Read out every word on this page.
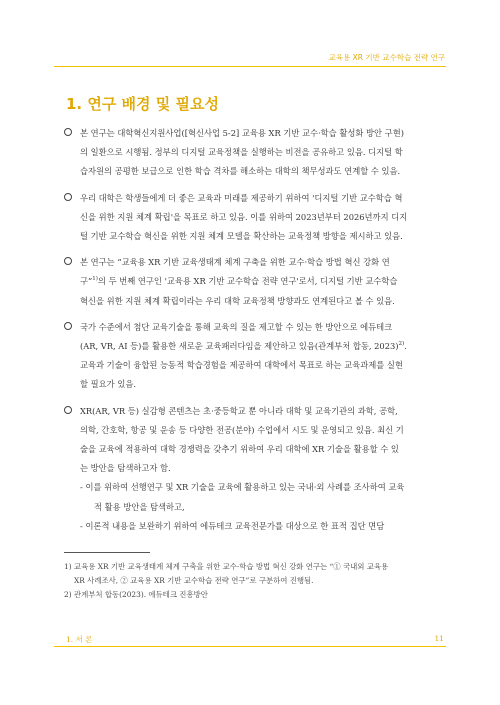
교육용 XR 기반 교수학습 전략 연구
1. 연구 배경 및 필요성
본 연구는 대학혁신지원사업([혁신사업 5-2] 교육용 XR 기반 교수·학습 활성화 방안 구현)
의 일환으로 시행됨. 정부의 디지털 교육정책을 실행하는 비전을 공유하고 있음. 디지털 학
습자원의 공평한 보급으로 인한 학습 격차를 해소하는 대학의 책무성과도 연계할 수 있음.
우리 대학은 학생들에게 더 좋은 교육과 미래를 제공하기 위하여 '디지털 기반 교수학습 혁
신을 위한 지원 체계 확립'을 목표로 하고 있음. 이를 위하여 2023년부터 2026년까지 디지
털 기반 교수학습 혁신을 위한 지원 체계 모델을 확산하는 교육정책 방향을 제시하고 있음.
본 연구는 “교육용 XR 기반 교육생태계 체계 구축을 위한 교수·학습 방법 혁신 강화 연
구”$^{1)}$의 두 번째 연구인 '교육용 XR 기반 교수학습 전략 연구'로서, 디지털 기반 교수학습
혁신을 위한 지원 체계 확립이라는 우리 대학 교육정책 방향과도 연계된다고 볼 수 있음.
국가 수준에서 첨단 교육기술을 통해 교육의 질을 제고할 수 있는 한 방안으로 에듀테크
(AR, VR, AI 등)를 활용한 새로운 교육패러다임을 제안하고 있음(관계부처 합동, 2023)$^{2)}$.
교육과 기술이 융합된 능동적 학습경험을 제공하여 대학에서 목표로 하는 교육과제를 실현
할 필요가 있음.
XR(AR, VR 등) 실감형 콘텐츠는 초·중등학교 뿐 아니라 대학 및 교육기관의 과학, 공학,
의학, 간호학, 항공 및 운송 등 다양한 전공(분야) 수업에서 시도 및 운영되고 있음. 최신 기
술을 교육에 적용하여 대학 경쟁력을 갖추기 위하여 우리 대학에 XR 기술을 활용할 수 있
는 방안을 탐색하고자 함.
- 이를 위하여 선행연구 및 XR 기술을 교육에 활용하고 있는 국내·외 사례를 조사하여 교육
적 활용 방안을 탐색하고,
- 이론적 내용을 보완하기 위하여 에듀테크 교육전문가를 대상으로 한 표적 집단 면담
1) 교육용 XR 기반 교육생태계 체계 구축을 위한 교수·학습 방법 혁신 강화 연구는 “① 국내외 교육용
XR 사례조사, ② 교육용 XR 기반 교수학습 전략 연구”로 구분하여 진행됨.
2) 관계부처 합동(2023). 에듀테크 진흥방안
1. 서 론	11
